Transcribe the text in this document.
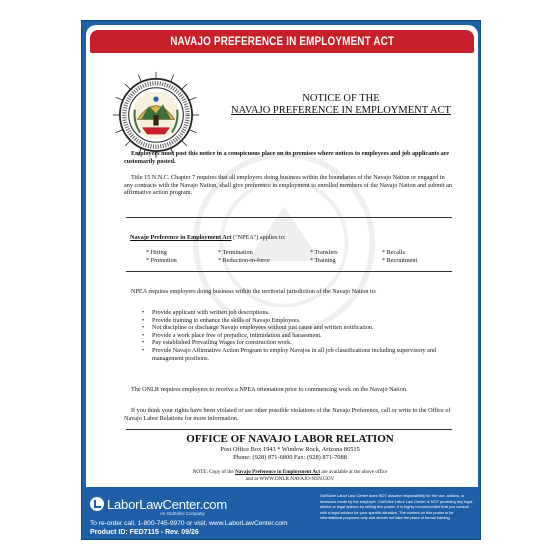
NAVAJO PREFERENCE IN EMPLOYMENT ACT
NOTICE OF THE
NAVAJO PREFERENCE IN EMPLOYMENT ACT
Employers must post this notice in a conspicuous place on its premises where notices to employees and job applicants are customarily posted.
Title 15 N.N.C. Chapter 7 requires that all employers doing business within the boundaries of the Navajo Nation or engaged in any contracts with the Navajo Nation, shall give preference in employment to enrolled members of the Navajo Nation and submit an affirmative action program.
Navajo Preference in Employment Act ("NPEA") applies to:
* Hiring	* Termination	* Transfers	* Recalls
* Promotion	* Reduction-in-force	* Training	* Recruitment
NPEA requires employers doing business within the territorial jurisdiction of the Navajo Nation to:
• Provide applicant with written job descriptions.
• Provide training to enhance the skills of Navajo Employees.
• Not discipline or discharge Navajo employees without just cause and written notification.
• Provide a work place free of prejudice, intimidation and harassment.
• Pay established Prevailing Wages for construction work.
• Provide Navajo Affirmative Action Program to employ Navajos in all job classifications including supervisory and management positions.
The ONLR requires employers to receive a NPEA orientation prior to commencing work on the Navajo Nation.
If you think your rights have been violated or see other possible violations of the Navajo Preference, call or write to the Office of Navajo Labor Relations for more information.
OFFICE OF NAVAJO LABOR RELATION
Post Office Box 1943 * Window Rock, Arizona 86515
Phone: (928) 871-6800 Fax: (928) 871-7088
NOTE: Copy of the Navajo Preference in Employment Act are available at the above office
and at WWW.ONLR.NAVAJO-NSN.GOV
LaborLawCenter.com
An OutSolve Company
To re-order call, 1-800-745-9970 or visit, www.LaborLawCenter.com
Product ID: FED7115 - Rev. 09/26
OutSolve Labor Law Center does NOT assume responsibility for the use, actions, or decisions made by the employer. OutSolve Labor Law Center is NOT providing any legal advice or legal opinion by selling this poster. It is highly recommended that you consult with a legal advisor for your specific situation. The content on this poster is for informational purposes only and should not take the place of formal training.
